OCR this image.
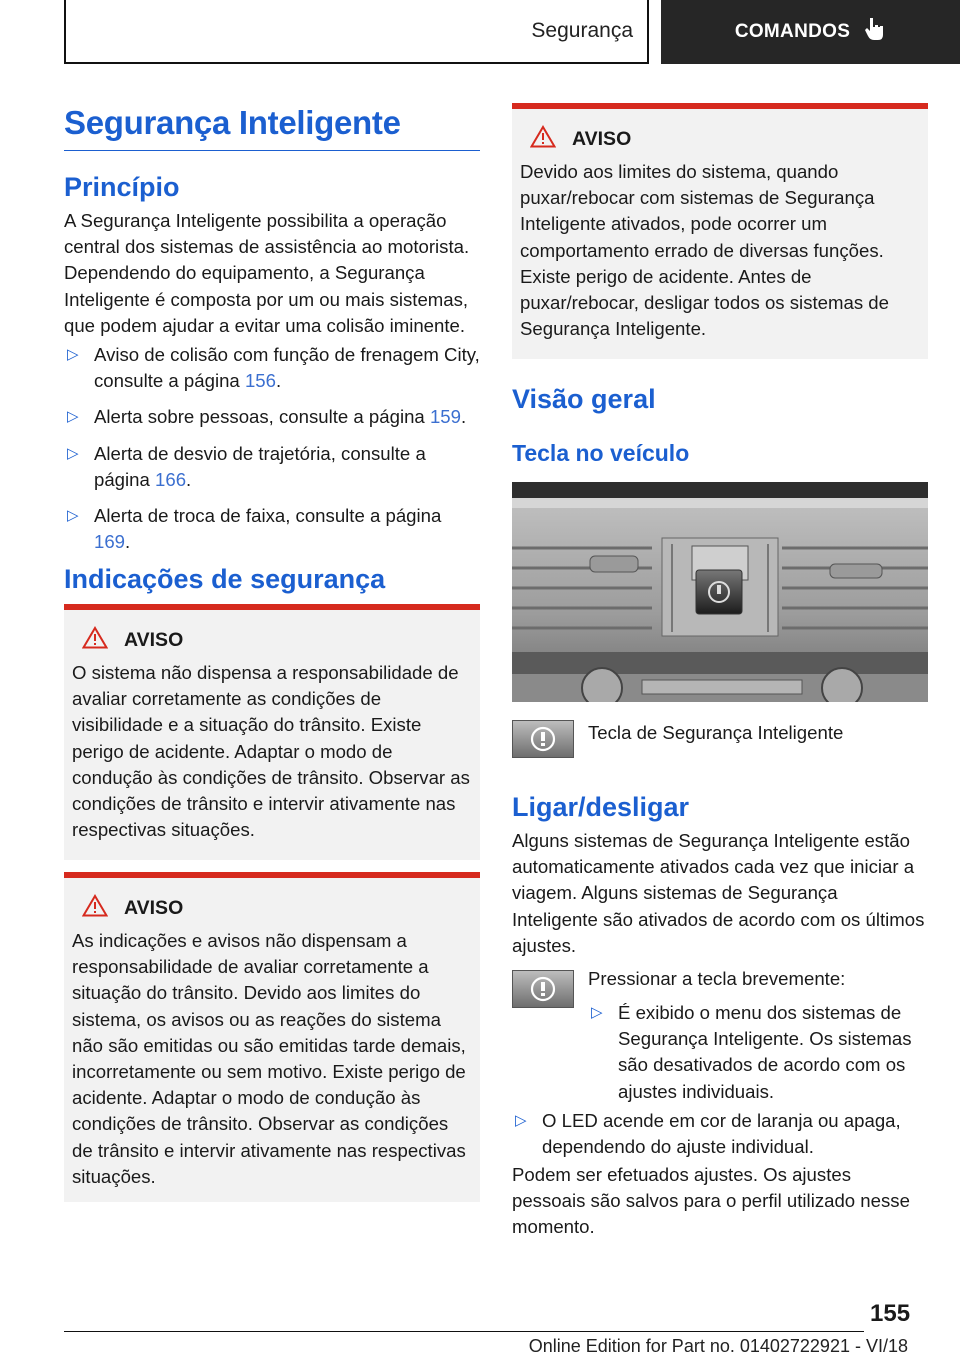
Segurança	COMANDOS
Segurança Inteligente
Princípio

A Segurança Inteligente possibilita a operação central dos sistemas de assistência ao motorista. Dependendo do equipamento, a Segurança Inteligente é composta por um ou mais sistemas, que podem ajudar a evitar uma colisão iminente.

▷ Aviso de colisão com função de frenagem City, consulte a página 156.
▷ Alerta sobre pessoas, consulte a página 159.
▷ Alerta de desvio de trajetória, consulte a página 166.
▷ Alerta de troca de faixa, consulte a página 169.
Indicações de segurança
AVISO

O sistema não dispensa a responsabilidade de avaliar corretamente as condições de visibilidade e a situação do trânsito. Existe perigo de acidente. Adaptar o modo de condução às condições de trânsito. Observar as condições de trânsito e intervir ativamente nas respectivas situações.

AVISO

As indicações e avisos não dispensam a responsabilidade de avaliar corretamente a situação do trânsito. Devido aos limites do sistema, os avisos ou as reações do sistema não são emitidas ou são emitidas tarde demais, incorretamente ou sem motivo. Existe perigo de acidente. Adaptar o modo de condução às condições de trânsito. Observar as condições de trânsito e intervir ativamente nas respectivas situações.

AVISO

Devido aos limites do sistema, quando puxar/rebocar com sistemas de Segurança Inteligente ativados, pode ocorrer um comportamento errado de diversas funções. Existe perigo de acidente. Antes de puxar/rebocar, desligar todos os sistemas de Segurança Inteligente.

Visão geral
Tecla no veículo

Tecla de Segurança Inteligente

Ligar/desligar

Alguns sistemas de Segurança Inteligente estão automaticamente ativados cada vez que iniciar a viagem. Alguns sistemas de Segurança Inteligente são ativados de acordo com os últimos ajustes.

Pressionar a tecla brevemente:

▷ É exibido o menu dos sistemas de Segurança Inteligente. Os sistemas são desativados de acordo com os ajustes individuais.
▷ O LED acende em cor de laranja ou apaga, dependendo do ajuste individual.

Podem ser efetuados ajustes. Os ajustes pessoais são salvos para o perfil utilizado nesse momento.

155
Online Edition for Part no. 01402722921 - VI/18
